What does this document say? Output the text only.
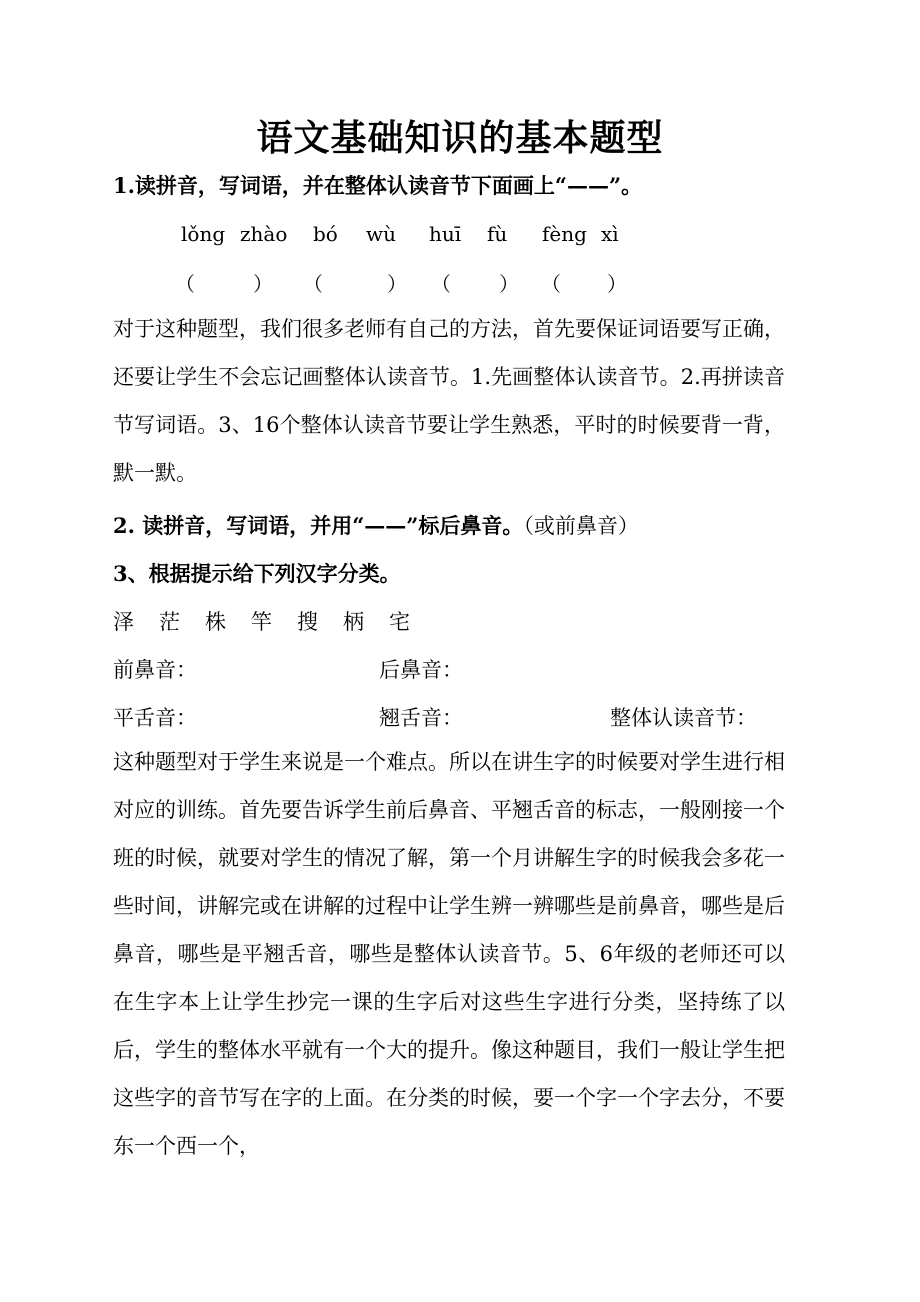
语文基础知识的基本题型
1.读拼音，写词语，并在整体认读音节下面画上“——”。
lǒng zhào bó wù huī fù fèng xì
（	） （	） （ ） （ ）
对于这种题型，我们很多老师有自己的方法，首先要保证词语要写正确，还要让学生不会忘记画整体认读音节。1.先画整体认读音节。2.再拼读音节写词语。3、16个整体认读音节要让学生熟悉，平时的时候要背一背，默一默。
2. 读拼音，写词语，并用“——”标后鼻音。（或前鼻音）
3、根据提示给下列汉字分类。
泽 茫 株 竿 搜 柄 宅
前鼻音：	后鼻音：
平舌音：	翘舌音：	整体认读音节：
这种题型对于学生来说是一个难点。所以在讲生字的时候要对学生进行相对应的训练。首先要告诉学生前后鼻音、平翘舌音的标志，一般刚接一个班的时候，就要对学生的情况了解，第一个月讲解生字的时候我会多花一些时间，讲解完或在讲解的过程中让学生辨一辨哪些是前鼻音，哪些是后鼻音，哪些是平翘舌音，哪些是整体认读音节。5、6年级的老师还可以在生字本上让学生抄完一课的生字后对这些生字进行分类，坚持练了以后，学生的整体水平就有一个大的提升。像这种题目，我们一般让学生把这些字的音节写在字的上面。在分类的时候，要一个字一个字去分，不要东一个西一个，
